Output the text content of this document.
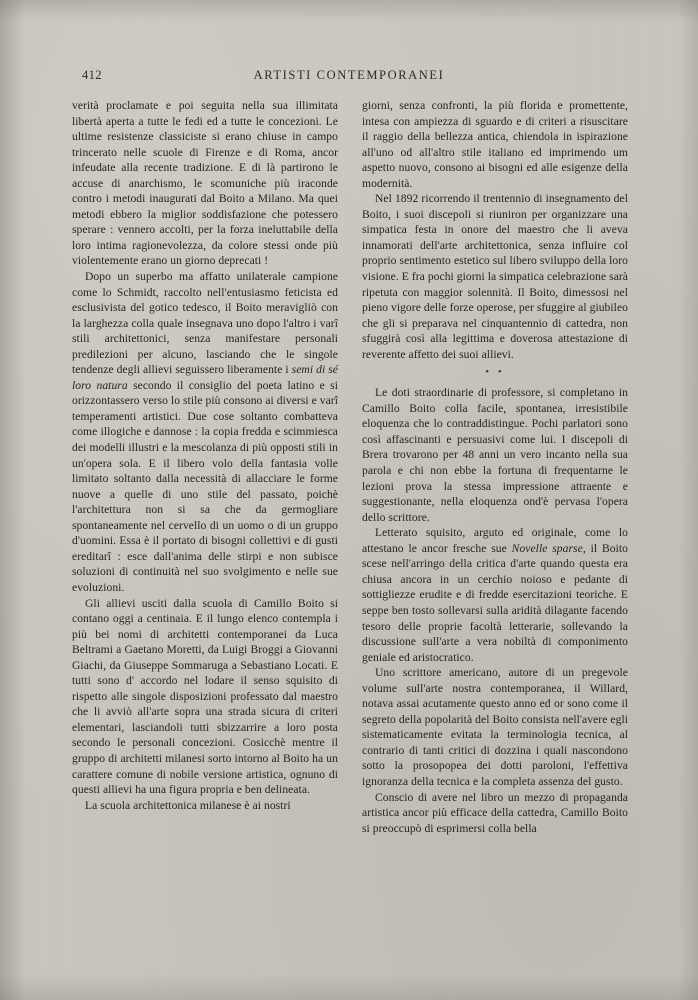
412	ARTISTI CONTEMPORANEI

verità proclamate e poi seguita nella sua illimitata libertà aperta a tutte le fedi ed a tutte le concezioni. Le ultime resistenze classiciste si erano chiuse in campo trincerato nelle scuole di Firenze e di Roma, ancor infeudate alla recente tradizione. E di là partirono le accuse di anarchismo, le scomuniche più iraconde contro i metodi inaugurati dal Boito a Milano. Ma quei metodi ebbero la miglior soddisfazione che potessero sperare : vennero accolti, per la forza ineluttabile della loro intima ragionevolezza, da colore stessi onde più violentemente erano un giorno deprecati !

Dopo un superbo ma affatto unilaterale campione come lo Schmidt, raccolto nell'entusiasmo feticista ed esclusivista del gotico tedesco, il Boito meravigliò con la larghezza colla quale insegnava uno dopo l'altro i varî stili architettonici, senza manifestare personali predilezioni per alcuno, lasciando che le singole tendenze degli allievi seguissero liberamente i semi di sé loro natura secondo il consiglio del poeta latino e si orizzontassero verso lo stile più consono ai diversi e varî temperamenti artistici. Due cose soltanto combatteva come illogiche e dannose : la copia fredda e scimmiesca dei modelli illustri e la mescolanza di più opposti stili in un'opera sola. E il libero volo della fantasia volle limitato soltanto dalla necessità di allacciare le forme nuove a quelle di uno stile del passato, poichè l'architettura non si sa che da germogliare spontaneamente nel cervello di un uomo o di un gruppo d'uomini. Essa è il portato di bisogni collettivi e di gusti ereditarî : esce dall'anima delle stirpi e non subisce soluzioni di continuità nel suo svolgimento e nelle sue evoluzioni.

Gli allievi usciti dalla scuola di Camillo Boito si contano oggi a centinaia. E il lungo elenco contempla i più bei nomi di architetti contemporanei da Luca Beltrami a Gaetano Moretti, da Luigi Broggi a Giovanni Giachi, da Giuseppe Sommaruga a Sebastiano Locati. E tutti sono d' accordo nel lodare il senso squisito di rispetto alle singole disposizioni professato dal maestro che li avviò all'arte sopra una strada sicura di criteri elementari, lasciandoli tutti sbizzarrire a loro posta secondo le personali concezioni. Cosicchè mentre il gruppo di architetti milanesi sorto intorno al Boito ha un carattere comune di nobile versione artistica, ognuno di questi allievi ha una figura propria e ben delineata.

La scuola architettonica milanese è ai nostri

giorni, senza confronti, la più florida e promettente, intesa con ampiezza di sguardo e di criteri a risuscitare il raggio della bellezza antica, chiendola in ispirazione all'uno od all'altro stile italiano ed imprimendo um aspetto nuovo, consono ai bisogni ed alle esigenze della modernità.

Nel 1892 ricorrendo il trentennio di insegnamento del Boito, i suoi discepoli si riuniron per organizzare una simpatica festa in onore del maestro che li aveva innamorati dell'arte architettonica, senza influire col proprio sentimento estetico sul libero sviluppo della loro visione. E fra pochi giorni la simpatica celebrazione sarà ripetuta con maggior solennità. Il Boito, dimessosi nel pieno vigore delle forze operose, per sfuggire al giubileo che gli si preparava nel cinquantennio di cattedra, non sfuggirà così alla legittima e doverosa attestazione di reverente affetto dei suoi allievi.

• •

Le doti straordinarie di professore, si completano in Camillo Boito colla facile, spontanea, irresistibile eloquenza che lo contraddistingue. Pochi parlatori sono così affascinanti e persuasivi come lui. I discepoli di Brera trovarono per 48 anni un vero incanto nella sua parola e chi non ebbe la fortuna di frequentarne le lezioni prova la stessa impressione attraente e suggestionante, nella eloquenza ond'è pervasa l'opera dello scrittore.

Letterato squisito, arguto ed originale, come lo attestano le ancor fresche sue Novelle sparse, il Boito scese nell'arringo della critica d'arte quando questa era chiusa ancora in un cerchio noioso e pedante di sottigliezze erudite e di fredde esercitazioni teoriche. E seppe ben tosto sollevarsi sulla aridità dilagante facendo tesoro delle proprie facoltà letterarie, sollevando la discussione sull'arte a vera nobiltà di componimento geniale ed aristocratico.

Uno scrittore americano, autore di un pregevole volume sull'arte nostra contemporanea, il Willard, notava assai acutamente questo anno ed or sono come il segreto della popolarità del Boito consista nell'avere egli sistematicamente evitata la terminologia tecnica, al contrario di tanti critici di dozzina i quali nascondono sotto la prosopopea dei dotti paroloni, l'effettiva ignoranza della tecnica e la completa assenza del gusto.

Conscio di avere nel libro un mezzo di propaganda artistica ancor più efficace della cattedra, Camillo Boito si preoccupò di esprimersi colla bella
